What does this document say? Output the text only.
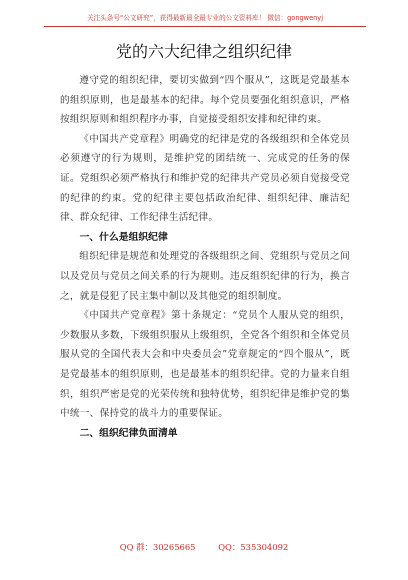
关注头条号“公文研究”，获得最新最全最专业的公文资料库！ 微信：gongwenyj
党的六大纪律之组织纪律

遵守党的组织纪律，要切实做到“四个服从”，这既是党最基本的组织原则，也是最基本的纪律。每个党员要强化组织意识，严格按组织原则和组织程序办事，自觉接受组织安排和纪律约束。

《中国共产党章程》明确党的纪律是党的各级组织和全体党员必须遵守的行为规则，是维护党的团结统一、完成党的任务的保证。党组织必须严格执行和维护党的纪律共产党员必须自觉接受党的纪律的约束。党的纪律主要包括政治纪律、组织纪律、廉洁纪律、群众纪律、工作纪律生活纪律。

一、什么是组织纪律

组织纪律是规范和处理党的各级组织之间、党组织与党员之间以及党员与党员之间关系的行为规则。违反组织纪律的行为，换言之，就是侵犯了民主集中制以及其他党的组织制度。

《中国共产党章程》第十条规定：“党员个人服从党的组织，少数服从多数，下级组织服从上级组织，全党各个组织和全体党员服从党的全国代表大会和中央委员会”党章规定的“四个服从”，既是党最基本的组织原则，也是最基本的组织纪律。党的力量来自组织，组织严密是党的光荣传统和独特优势，组织纪律是维护党的集中统一、保持党的战斗力的重要保证。

二、组织纪律负面清单

QQ 群：30265665	QQ：535304092
